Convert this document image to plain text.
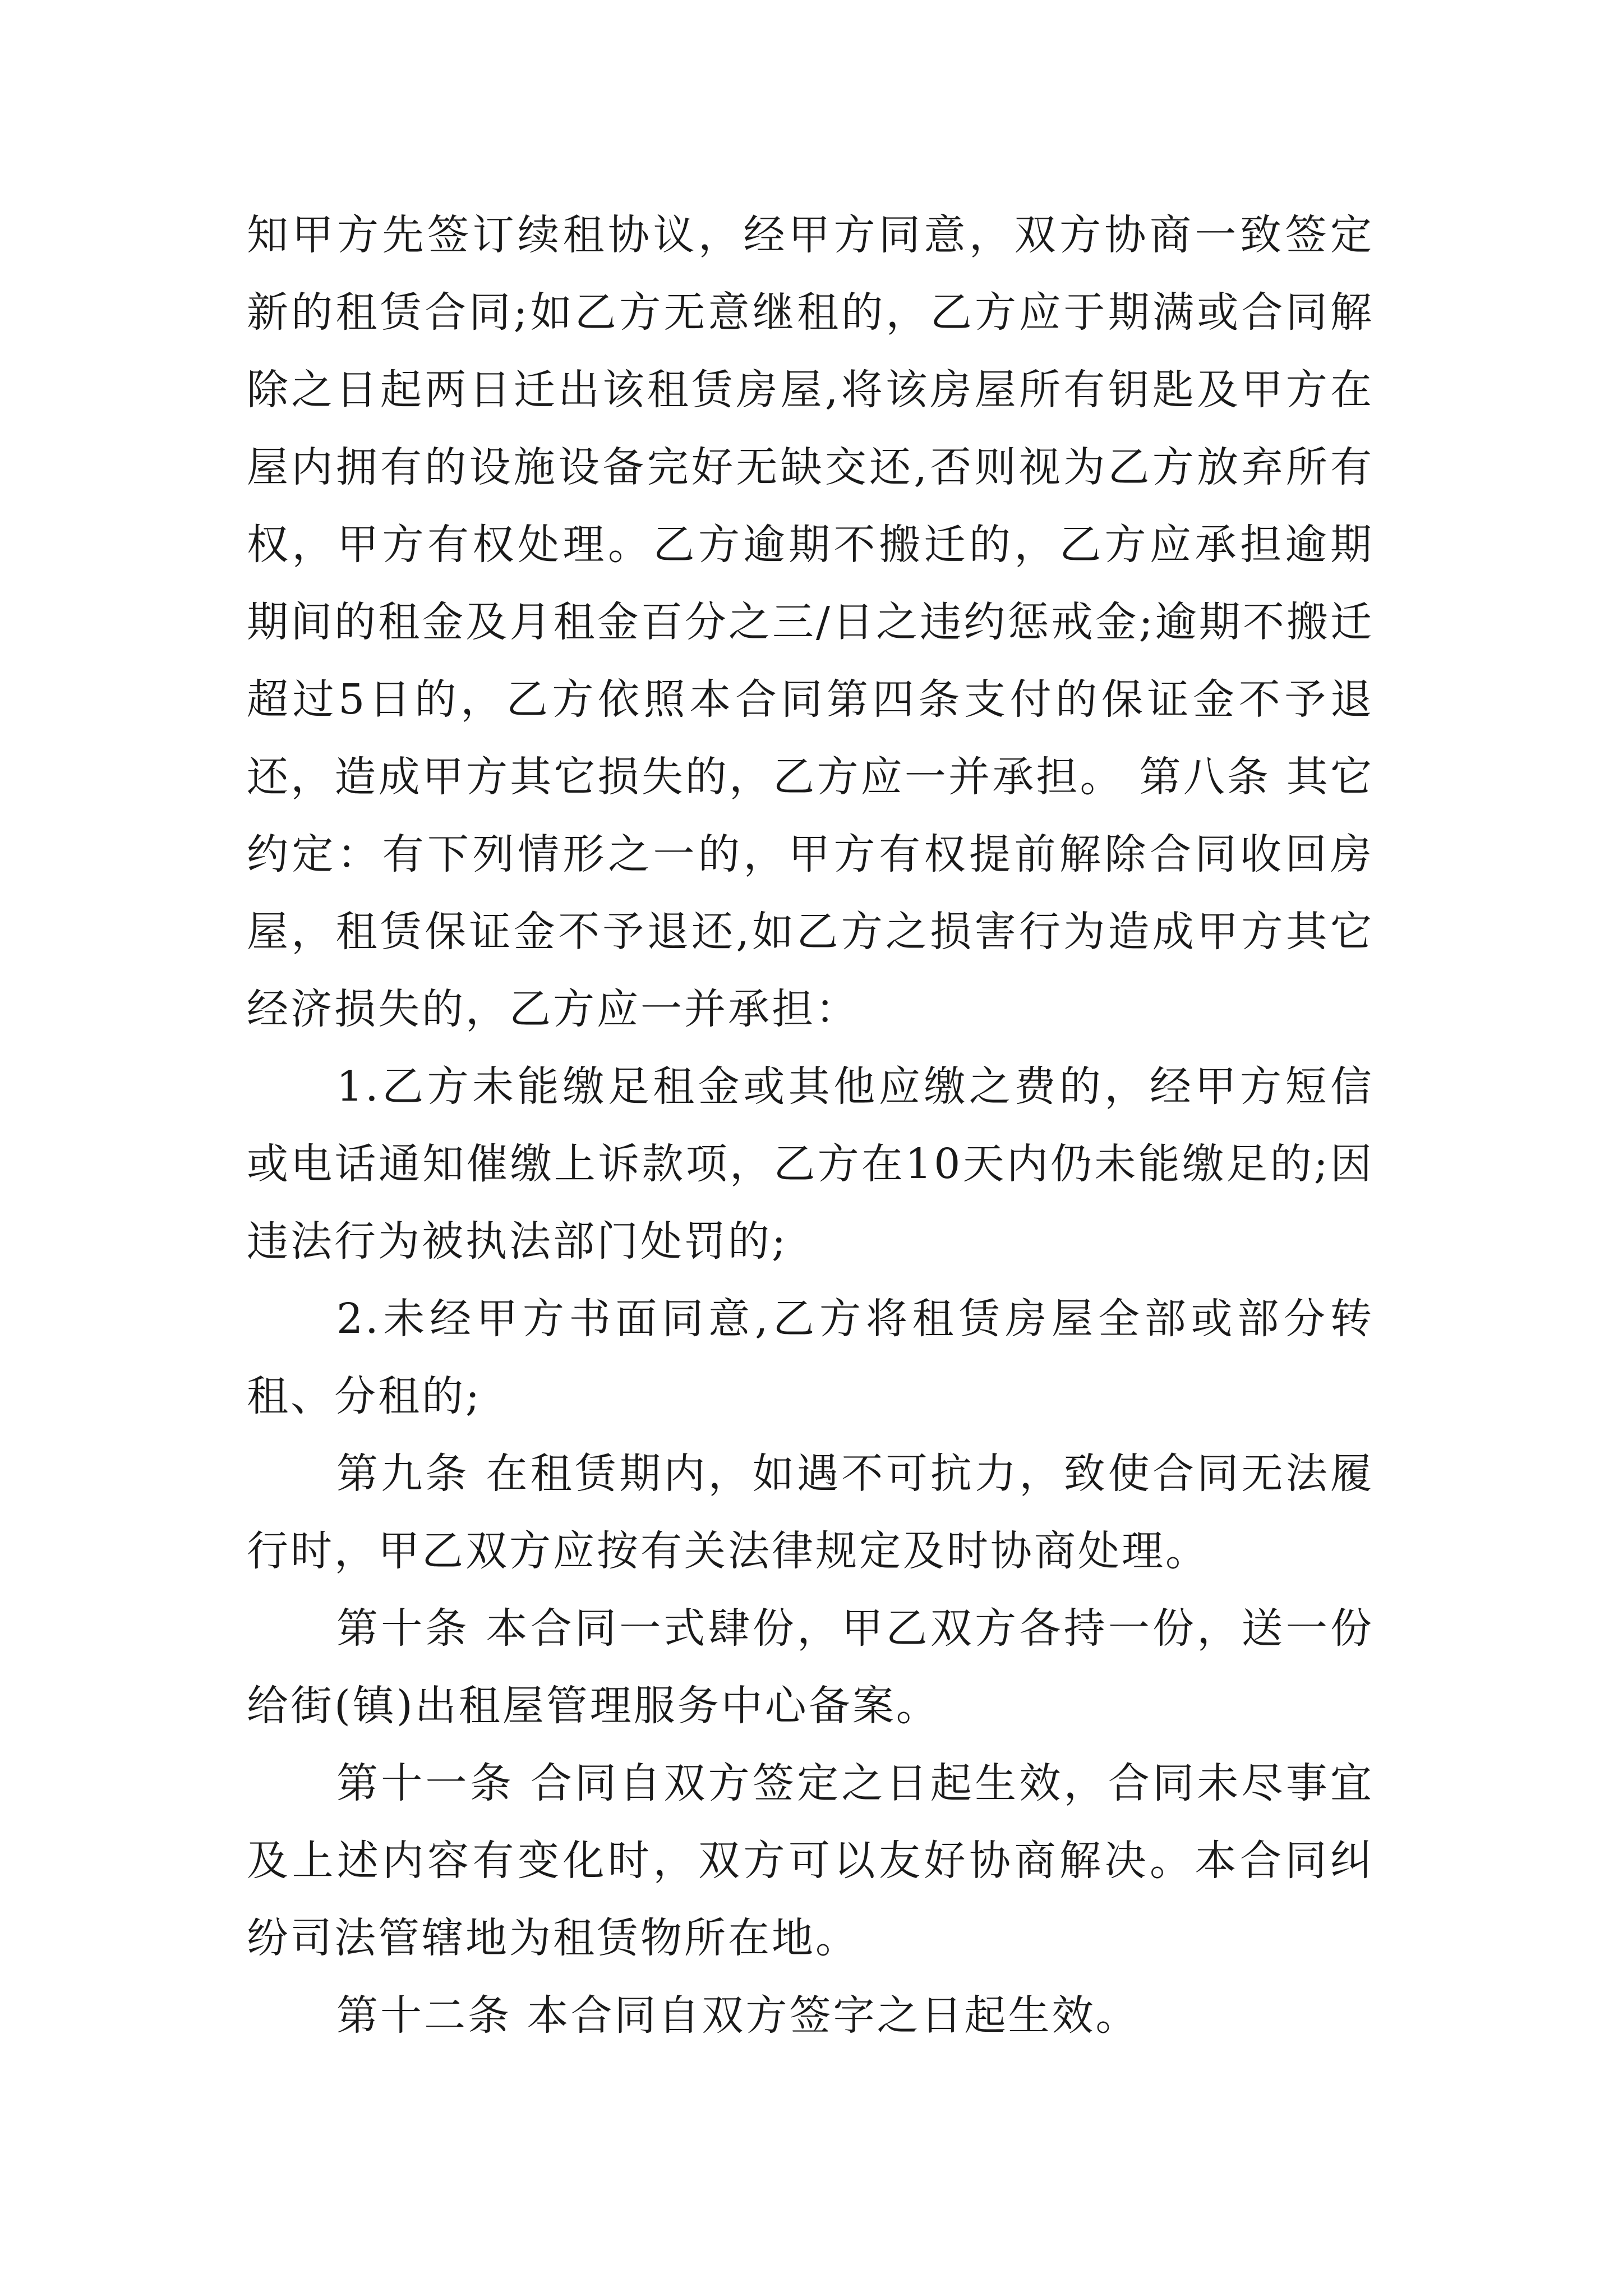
知甲方先签订续租协议，经甲方同意，双方协商一致签定新的租赁合同;如乙方无意继租的，乙方应于期满或合同解除之日起两日迁出该租赁房屋,将该房屋所有钥匙及甲方在屋内拥有的设施设备完好无缺交还,否则视为乙方放弃所有权，甲方有权处理。乙方逾期不搬迁的，乙方应承担逾期期间的租金及月租金百分之三/日之违约惩戒金;逾期不搬迁超过5日的，乙方依照本合同第四条支付的保证金不予退还，造成甲方其它损失的，乙方应一并承担。 第八条 其它约定：有下列情形之一的，甲方有权提前解除合同收回房屋，租赁保证金不予退还,如乙方之损害行为造成甲方其它经济损失的，乙方应一并承担：

1.乙方未能缴足租金或其他应缴之费的，经甲方短信或电话通知催缴上诉款项，乙方在10天内仍未能缴足的;因违法行为被执法部门处罚的;

2.未经甲方书面同意,乙方将租赁房屋全部或部分转租、分租的;

第九条 在租赁期内，如遇不可抗力，致使合同无法履行时，甲乙双方应按有关法律规定及时协商处理。

第十条 本合同一式肆份，甲乙双方各持一份，送一份给街(镇)出租屋管理服务中心备案。

第十一条 合同自双方签定之日起生效，合同未尽事宜及上述内容有变化时，双方可以友好协商解决。本合同纠纷司法管辖地为租赁物所在地。

第十二条 本合同自双方签字之日起生效。
